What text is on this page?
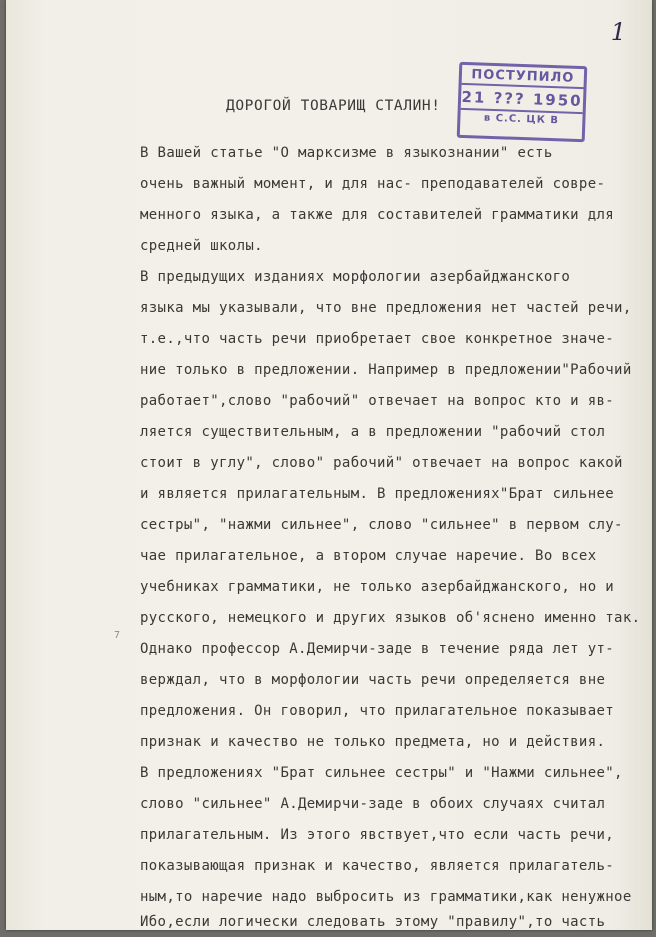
1
ПОСТУПИЛО
21 ??? 1950
в С.С. ЦК В
ДОРОГОЙ ТОВАРИЩ СТАЛИН!
В Вашей статье "О марксизме в языкознании" есть
очень важный момент, и для нас- преподавателей совре-
менного языка, а также для составителей грамматики для
средней школы.
В предыдущих изданиях морфологии азербайджанского
языка мы указывали, что вне предложения нет частей речи,
т.е.,что часть речи приобретает свое конкретное значе-
ние только в предложении. Например в предложении"Рабочий
работает",слово "рабочий" отвечает на вопрос кто и яв-
ляется существительным, а в предложении "рабочий стол
стоит в углу", слово" рабочий" отвечает на вопрос какой
и является прилагательным. В предложениях"Брат сильнее
сестры", "нажми сильнее", слово "сильнее" в первом слу-
чае прилагательное, а втором случае наречие. Во всех
учебниках грамматики, не только азербайджанского, но и
русского, немецкого и других языков об'яснено именно так.
Однако профессор А.Демирчи-заде в течение ряда лет ут-
верждал, что в морфологии часть речи определяется вне
предложения. Он говорил, что прилагательное показывает
признак и качество не только предмета, но и действия.
В предложениях "Брат сильнее сестры" и "Нажми сильнее",
слово "сильнее" А.Демирчи-заде в обоих случаях считал
прилагательным. Из этого явствует,что если часть речи,
показывающая признак и качество, является прилагатель-
ным,то наречие надо выбросить из грамматики,как ненужное
Ибо,если логически следовать этому "правилу",то часть
7
